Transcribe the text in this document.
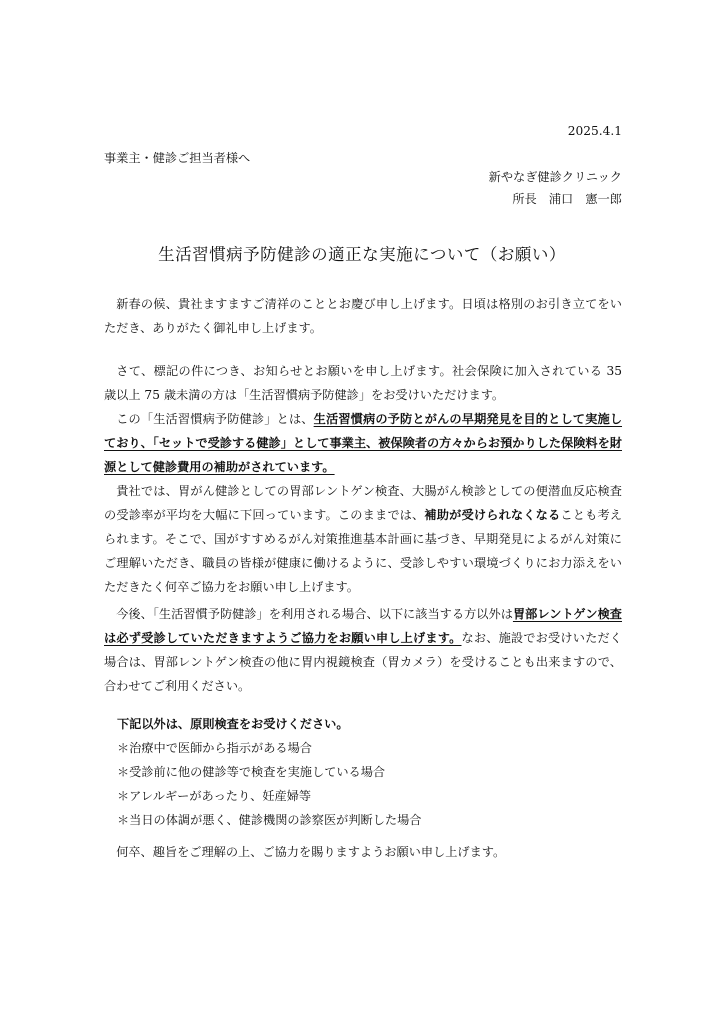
2025.4.1
事業主・健診ご担当者様へ
新やなぎ健診クリニック
所長　浦口　憲一郎
生活習慣病予防健診の適正な実施について（お願い）

新春の候、貴社ますますご清祥のこととお慶び申し上げます。日頃は格別のお引き立てをいただき、ありがたく御礼申し上げます。

さて、標記の件につき、お知らせとお願いを申し上げます。社会保険に加入されている 35 歳以上 75 歳未満の方は「生活習慣病予防健診」をお受けいただけます。

この「生活習慣病予防健診」とは、生活習慣病の予防とがんの早期発見を目的として実施しており、「セットで受診する健診」として事業主、被保険者の方々からお預かりした保険料を財源として健診費用の補助がされています。

貴社では、胃がん健診としての胃部レントゲン検査、大腸がん検診としての便潜血反応検査の受診率が平均を大幅に下回っています。このままでは、補助が受けられなくなることも考えられます。そこで、国がすすめるがん対策推進基本計画に基づき、早期発見によるがん対策にご理解いただき、職員の皆様が健康に働けるように、受診しやすい環境づくりにお力添えをいただきたく何卒ご協力をお願い申し上げます。

今後、「生活習慣予防健診」を利用される場合、以下に該当する方以外は胃部レントゲン検査は必ず受診していただきますようご協力をお願い申し上げます。なお、施設でお受けいただく場合は、胃部レントゲン検査の他に胃内視鏡検査（胃カメラ）を受けることも出来ますので、合わせてご利用ください。

下記以外は、原則検査をお受けください。
＊治療中で医師から指示がある場合
＊受診前に他の健診等で検査を実施している場合
＊アレルギーがあったり、妊産婦等
＊当日の体調が悪く、健診機関の診察医が判断した場合
何卒、趣旨をご理解の上、ご協力を賜りますようお願い申し上げます。
